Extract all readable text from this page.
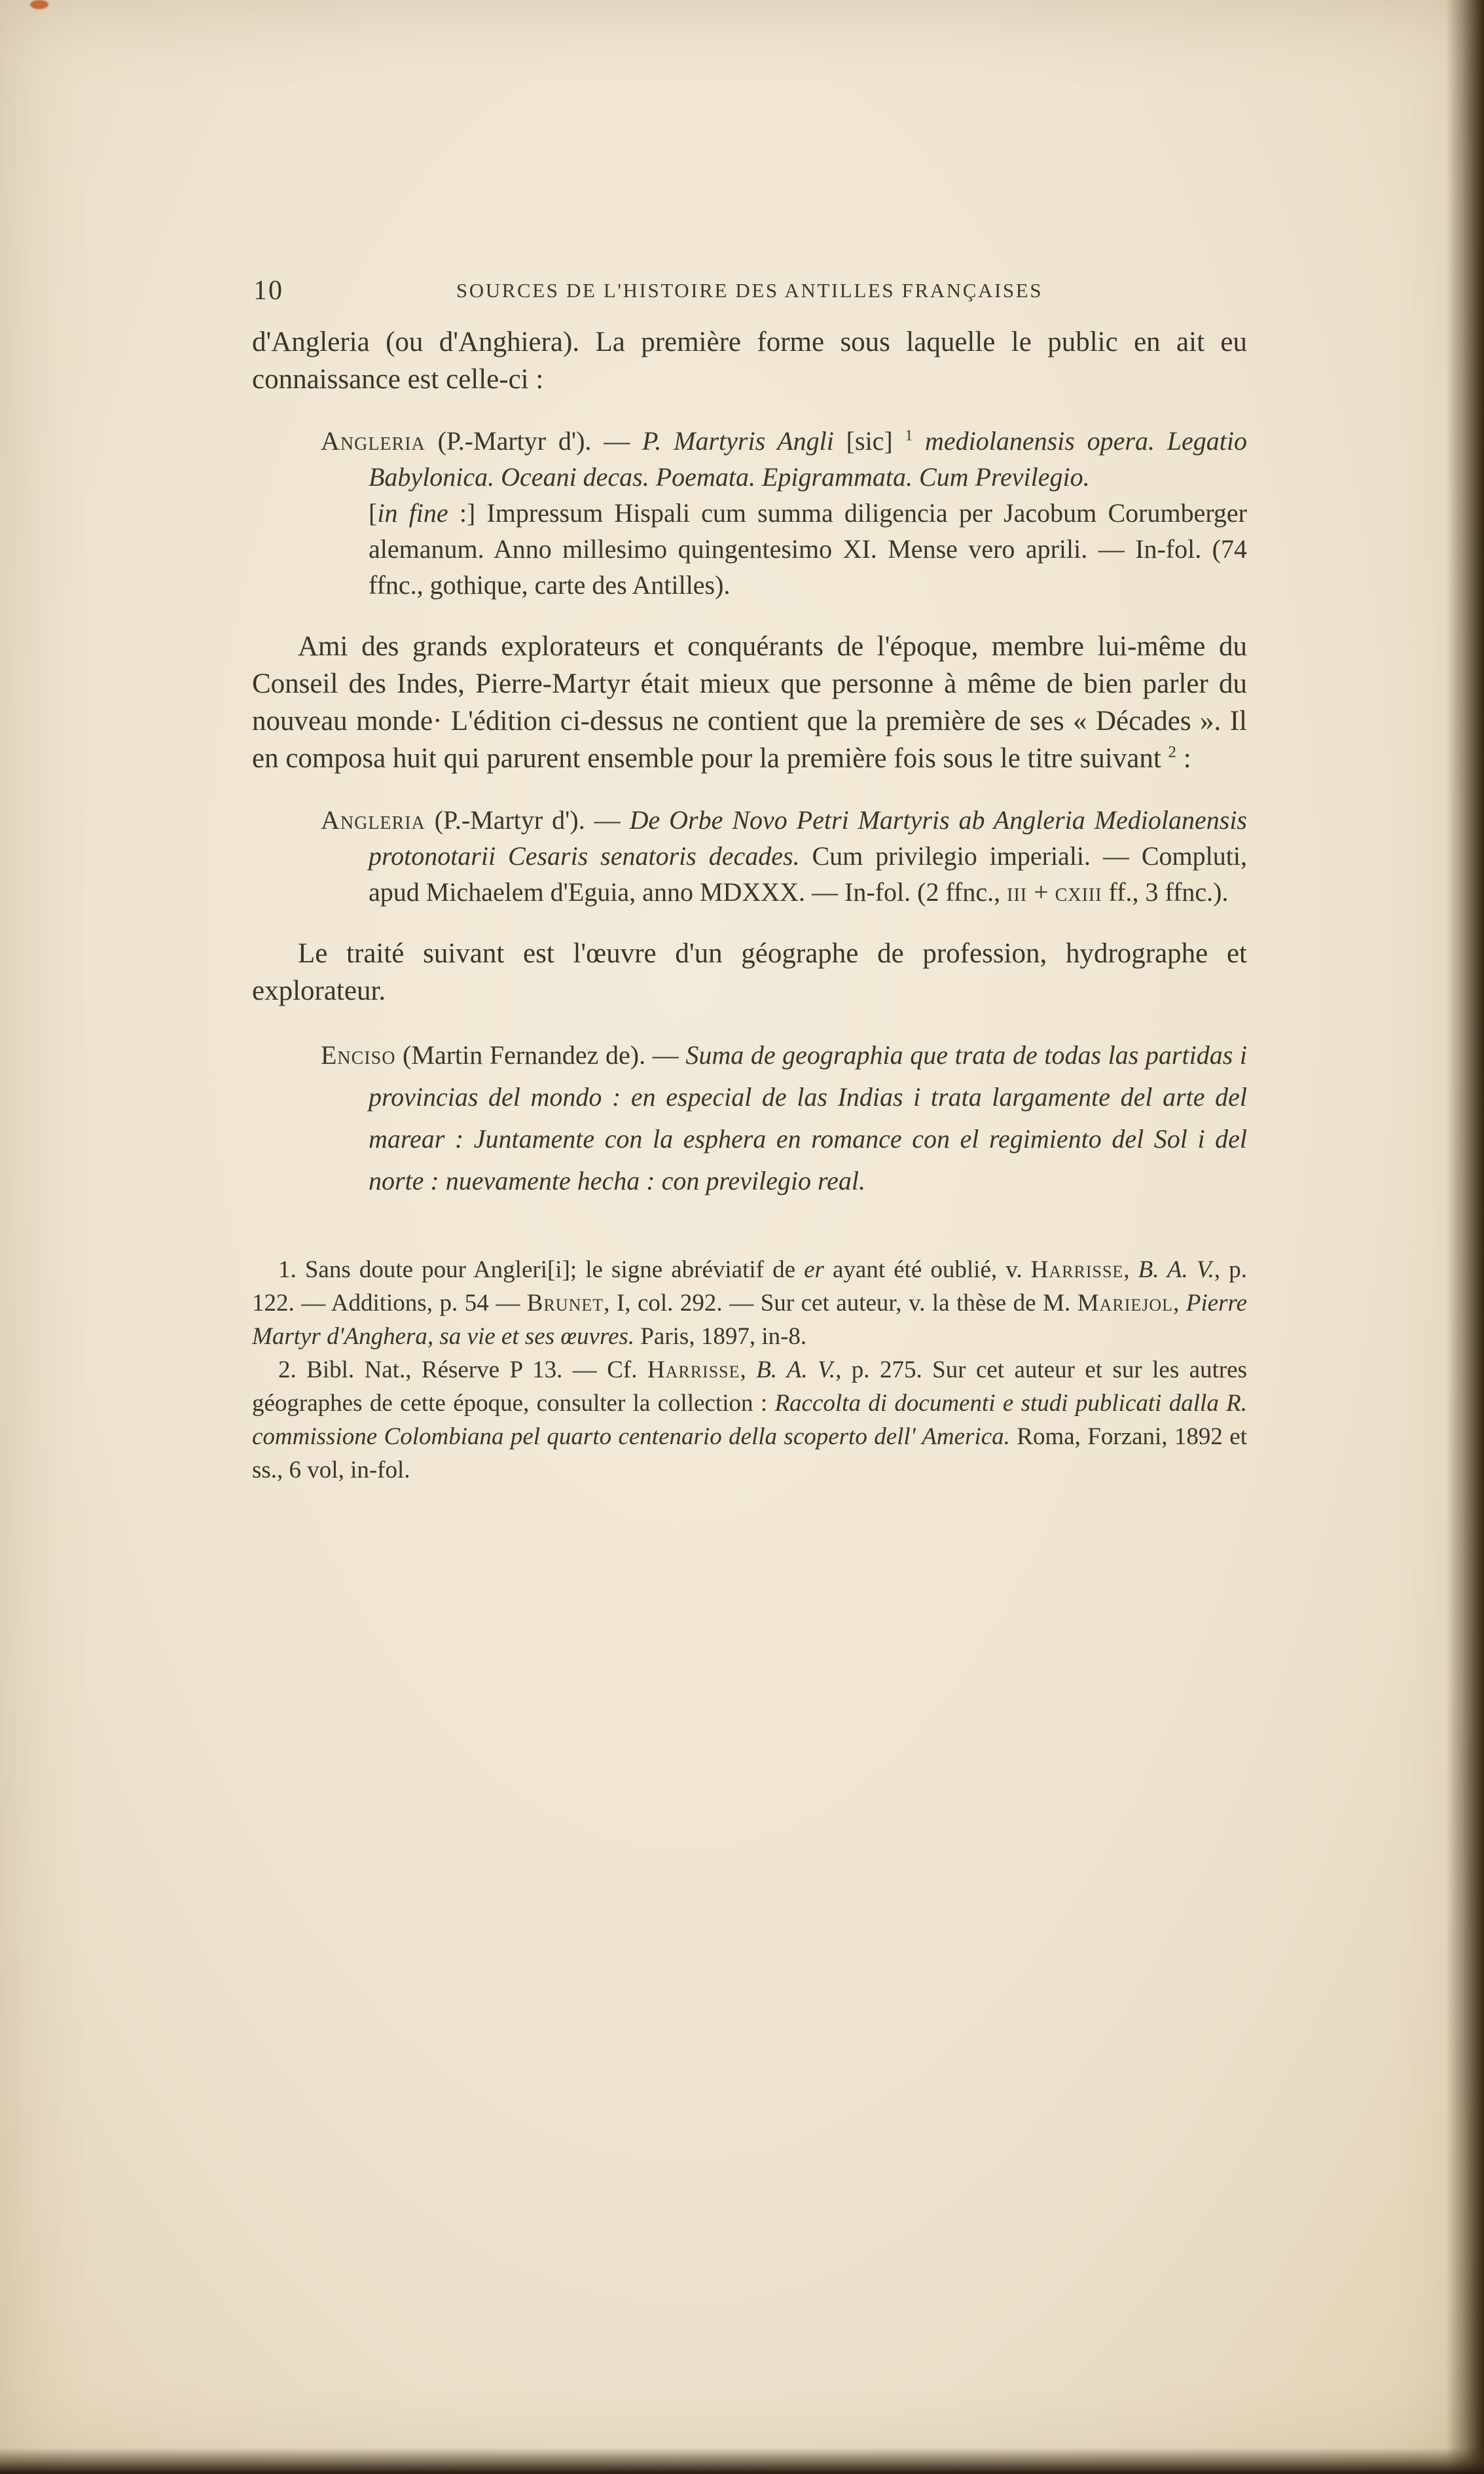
10	SOURCES DE L'HISTOIRE DES ANTILLES FRANÇAISES

d'Angleria (ou d'Anghiera). La première forme sous laquelle le public en ait eu connaissance est celle-ci :

Angleria (P.-Martyr d'). — P. Martyris Angli [sic] $^1$ mediolanensis opera. Legatio Babylonica. Oceani decas. Poemata. Epigrammata. Cum Previlegio.

[in fine :] Impressum Hispali cum summa diligencia per Jacobum Corumberger alemanum. Anno millesimo quingentesimo XI. Mense vero aprili. — In-fol. (74 ffnc., gothique, carte des Antilles).

Ami des grands explorateurs et conquérants de l'époque, membre lui-même du Conseil des Indes, Pierre-Martyr était mieux que personne à même de bien parler du nouveau monde· L'édition ci-dessus ne contient que la première de ses « Décades ». Il en composa huit qui parurent ensemble pour la première fois sous le titre suivant $^2$ :

Angleria (P.-Martyr d'). — De Orbe Novo Petri Martyris ab Angleria Mediolanensis protonotarii Cesaris senatoris decades. Cum privilegio imperiali. — Compluti, apud Michaelem d'Eguia, anno MDXXX. — In-fol. (2 ffnc., iii + cxiii ff., 3 ffnc.).

Le traité suivant est l'œuvre d'un géographe de profession, hydrographe et explorateur.

Enciso (Martin Fernandez de). — Suma de geographia que trata de todas las partidas i provincias del mondo : en especial de las Indias i trata largamente del arte del marear : Juntamente con la esphera en romance con el regimiento del Sol i del norte : nuevamente hecha : con previlegio real.

1. Sans doute pour Angleri[i]; le signe abréviatif de er ayant été oublié, v. Harrisse, B. A. V., p. 122. — Additions, p. 54 — Brunet, I, col. 292. — Sur cet auteur, v. la thèse de M. Mariejol, Pierre Martyr d'Anghera, sa vie et ses œuvres. Paris, 1897, in-8.

2. Bibl. Nat., Réserve P 13. — Cf. Harrisse, B. A. V., p. 275. Sur cet auteur et sur les autres géographes de cette époque, consulter la collection : Raccolta di documenti e studi publicati dalla R. commissione Colombiana pel quarto centenario della scoperto dell' America. Roma, Forzani, 1892 et ss., 6 vol, in-fol.
